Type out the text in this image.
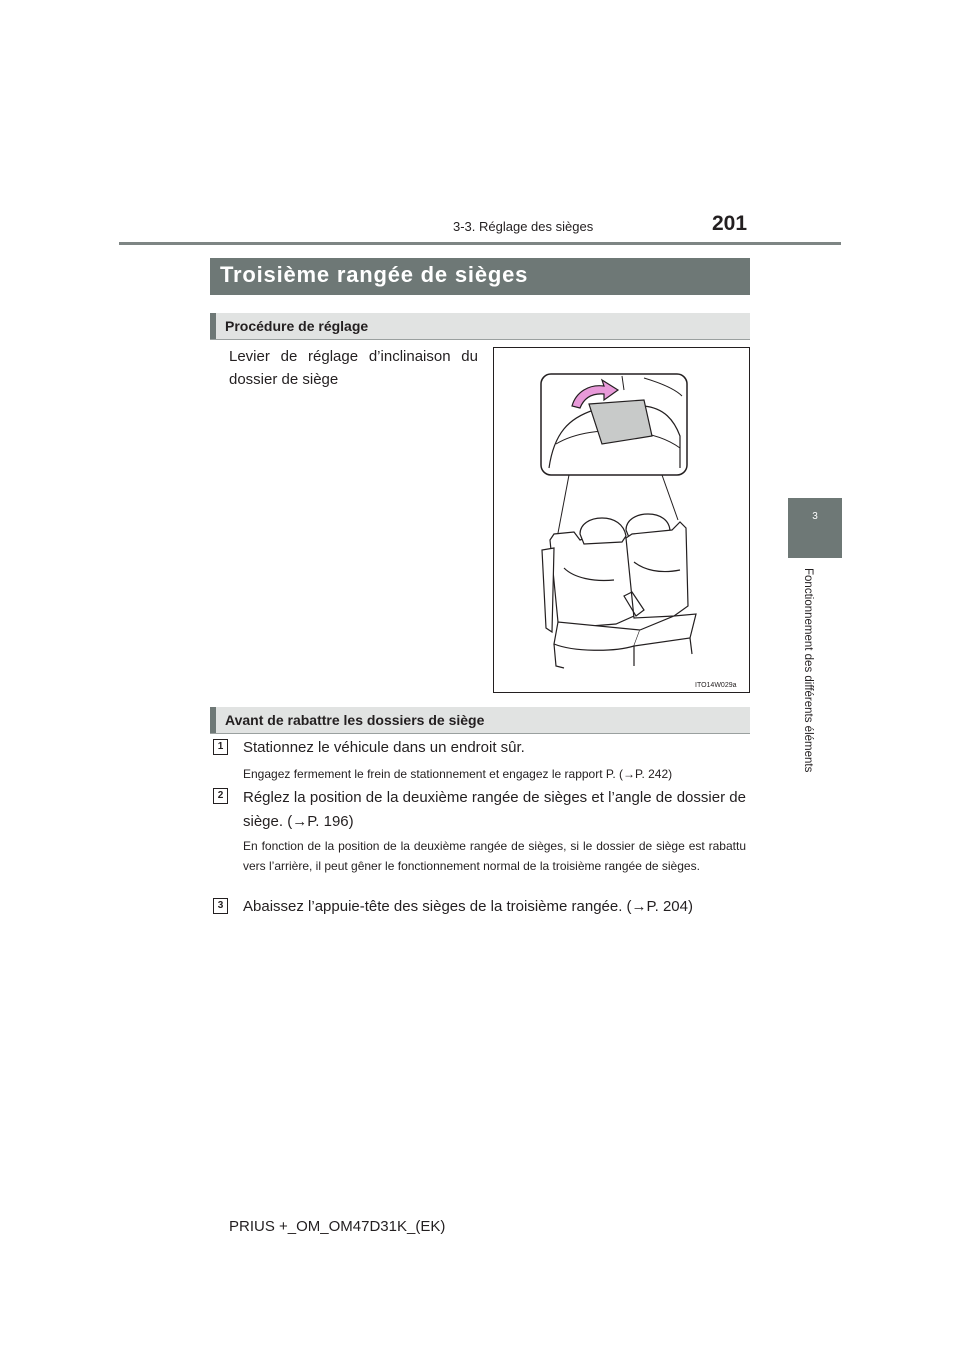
3-3. Réglage des sièges	201
3
Fonctionnement des différents éléments
Troisième rangée de sièges
Procédure de réglage
Levier de réglage d’inclinaison du dossier de siège
ITO14W029a
Avant de rabattre les dossiers de siège
1	Stationnez le véhicule dans un endroit sûr.
Engagez fermement le frein de stationnement et engagez le rapport P. (→P. 242)
2	Réglez la position de la deuxième rangée de sièges et l’angle de dossier de siège. (→P. 196)
En fonction de la position de la deuxième rangée de sièges, si le dossier de siège est rabattu vers l’arrière, il peut gêner le fonctionnement normal de la troisième rangée de sièges.
3	Abaissez l’appuie-tête des sièges de la troisième rangée. (→P. 204)
PRIUS +_OM_OM47D31K_(EK)
